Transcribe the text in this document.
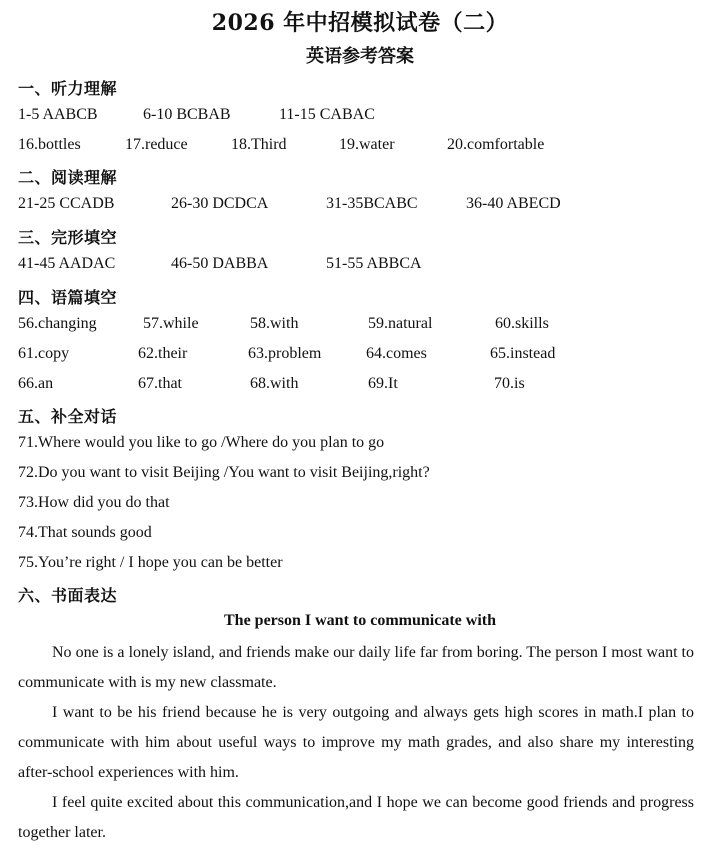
2026 年中招模拟试卷（二）
英语参考答案
一、听力理解
1-5 AABCB	6-10 BCBAB	11-15 CABAC
16.bottles	17.reduce	18.Third	19.water	20.comfortable
二、阅读理解
21-25 CCADB	26-30 DCDCA	31-35BCABC	36-40 ABECD
三、完形填空
41-45 AADAC	46-50 DABBA	51-55 ABBCA
四、语篇填空
56.changing	57.while	58.with	59.natural	60.skills
61.copy	62.their	63.problem	64.comes	65.instead
66.an	67.that	68.with	69.It	70.is
五、补全对话
71.Where would you like to go /Where do you plan to go
72.Do you want to visit Beijing /You want to visit Beijing,right?
73.How did you do that
74.That sounds good
75.You’re right / I hope you can be better
六、书面表达
The person I want to communicate with
No one is a lonely island, and friends make our daily life far from boring. The person I most want to communicate with is my new classmate.
I want to be his friend because he is very outgoing and always gets high scores in math.I plan to communicate with him about useful ways to improve my math grades, and also share my interesting after-school experiences with him.
I feel quite excited about this communication,and I hope we can become good friends and progress together later.
